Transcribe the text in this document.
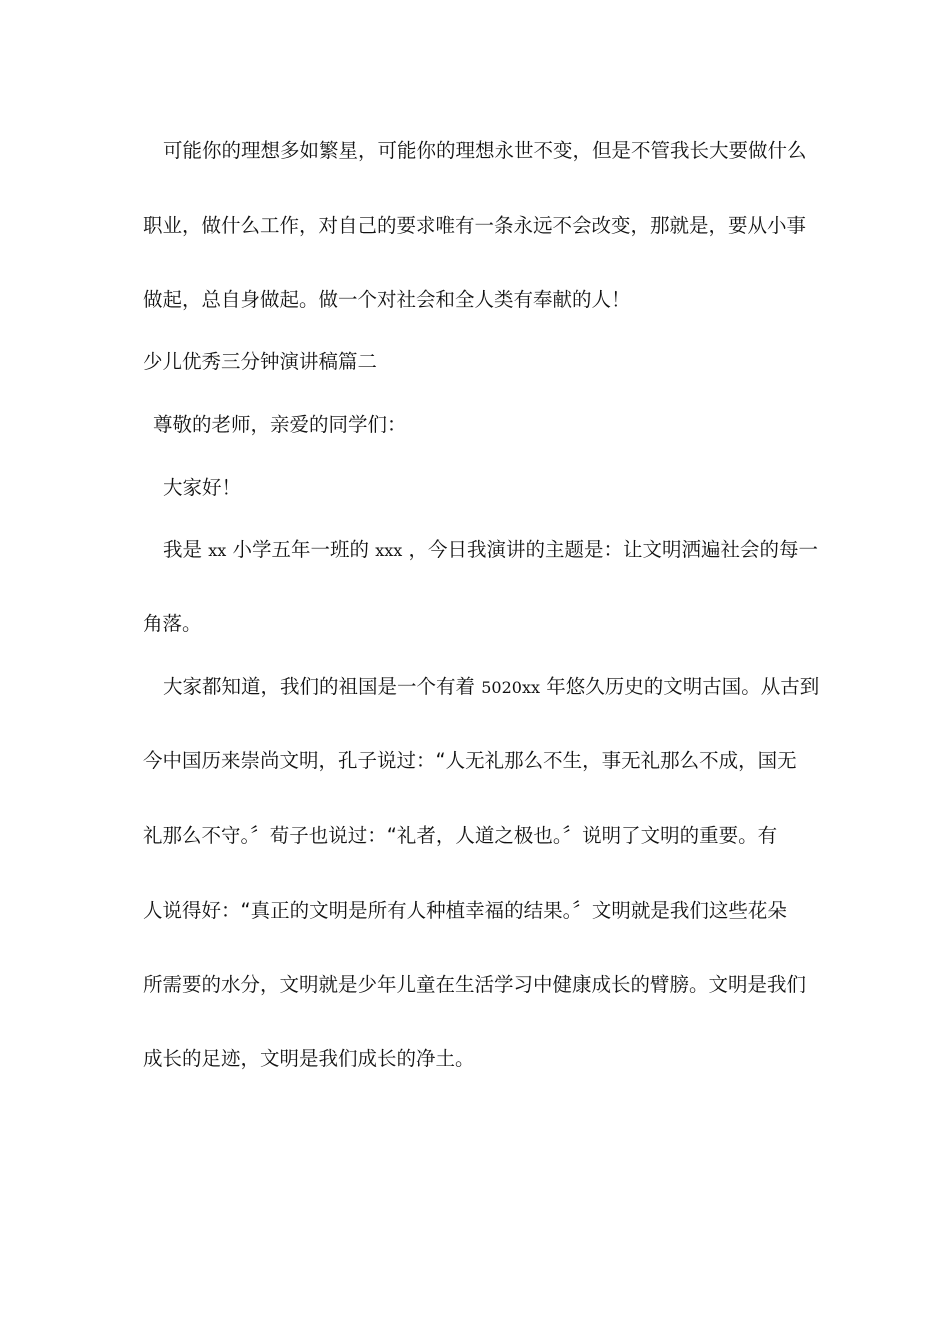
可能你的理想多如繁星，可能你的理想永世不变，但是不管我长大要做什么
职业，做什么工作，对自己的要求唯有一条永远不会改变，那就是，要从小事
做起，总自身做起。做一个对社会和全人类有奉献的人！
少儿优秀三分钟演讲稿篇二
尊敬的老师，亲爱的同学们：
大家好！
我是 xx 小学五年一班的 xxx ，今日我演讲的主题是：让文明洒遍社会的每一
角落。
大家都知道，我们的祖国是一个有着 5020xx 年悠久历史的文明古国。从古到
今中国历来崇尚文明，孔子说过：“人无礼那么不生，事无礼那么不成，国无
礼那么不守。〞荀子也说过：“礼者，人道之极也。〞说明了文明的重要。有
人说得好：“真正的文明是所有人种植幸福的结果。〞文明就是我们这些花朵
所需要的水分，文明就是少年儿童在生活学习中健康成长的臂膀。文明是我们
成长的足迹，文明是我们成长的净土。
